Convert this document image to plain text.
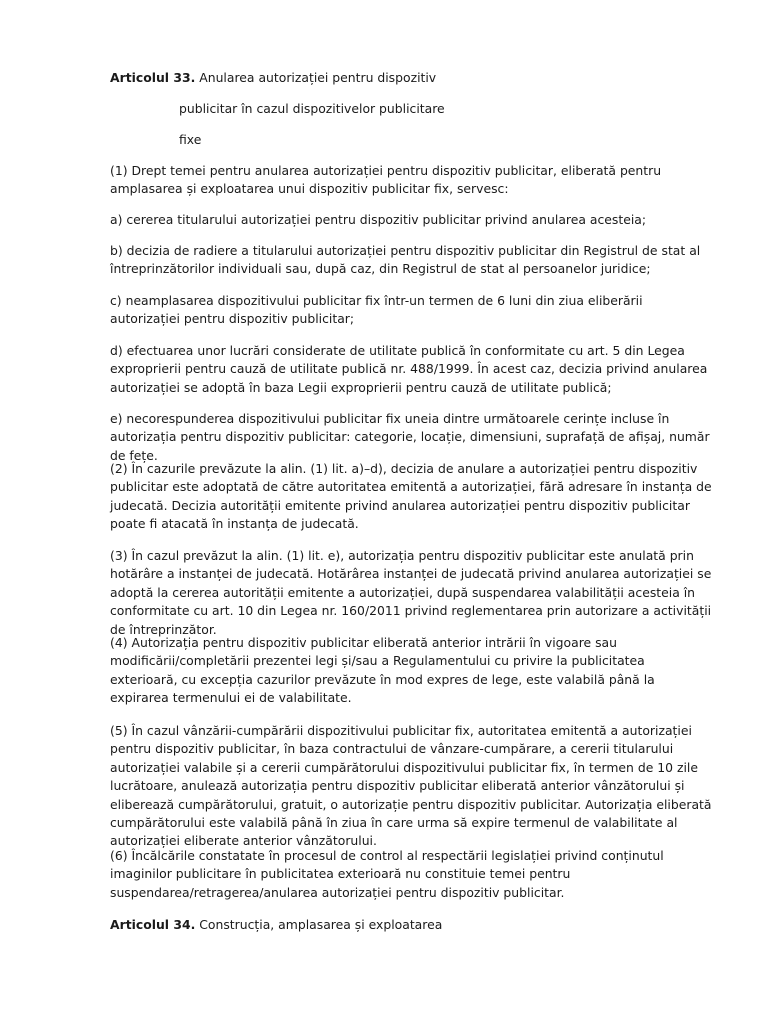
Articolul 33. Anularea autorizației pentru dispozitiv
publicitar în cazul dispozitivelor publicitare
fixe

(1) Drept temei pentru anularea autorizației pentru dispozitiv publicitar, eliberată pentru amplasarea și exploatarea unui dispozitiv publicitar fix, servesc:

a) cererea titularului autorizației pentru dispozitiv publicitar privind anularea acesteia;

b) decizia de radiere a titularului autorizației pentru dispozitiv publicitar din Registrul de stat al întreprinzătorilor individuali sau, după caz, din Registrul de stat al persoanelor juridice;

c) neamplasarea dispozitivului publicitar fix într-un termen de 6 luni din ziua eliberării autorizației pentru dispozitiv publicitar;

d) efectuarea unor lucrări considerate de utilitate publică în conformitate cu art. 5 din Legea exproprierii pentru cauză de utilitate publică nr. 488/1999. În acest caz, decizia privind anularea autorizației se adoptă în baza Legii exproprierii pentru cauză de utilitate publică;

e) necorespunderea dispozitivului publicitar fix uneia dintre următoarele cerințe incluse în autorizația pentru dispozitiv publicitar: categorie, locație, dimensiuni, suprafață de afișaj, număr de fețe.

(2) În cazurile prevăzute la alin. (1) lit. a)–d), decizia de anulare a autorizației pentru dispozitiv publicitar este adoptată de către autoritatea emitentă a autorizației, fără adresare în instanța de judecată. Decizia autorității emitente privind anularea autorizației pentru dispozitiv publicitar poate fi atacată în instanța de judecată.

(3) În cazul prevăzut la alin. (1) lit. e), autorizația pentru dispozitiv publicitar este anulată prin hotărâre a instanței de judecată. Hotărârea instanței de judecată privind anularea autorizației se adoptă la cererea autorității emitente a autorizației, după suspendarea valabilității acesteia în conformitate cu art. 10 din Legea nr. 160/2011 privind reglementarea prin autorizare a activității de întreprinzător.

(4) Autorizația pentru dispozitiv publicitar eliberată anterior intrării în vigoare sau modificării/completării prezentei legi și/sau a Regulamentului cu privire la publicitatea exterioară, cu excepția cazurilor prevăzute în mod expres de lege, este valabilă până la expirarea termenului ei de valabilitate.

(5) În cazul vânzării-cumpărării dispozitivului publicitar fix, autoritatea emitentă a autorizației pentru dispozitiv publicitar, în baza contractului de vânzare-cumpărare, a cererii titularului autorizației valabile și a cererii cumpărătorului dispozitivului publicitar fix, în termen de 10 zile lucrătoare, anulează autorizația pentru dispozitiv publicitar eliberată anterior vânzătorului și eliberează cumpărătorului, gratuit, o autorizație pentru dispozitiv publicitar. Autorizația eliberată cumpărătorului este valabilă până în ziua în care urma să expire termenul de valabilitate al autorizației eliberate anterior vânzătorului.

(6) Încălcările constatate în procesul de control al respectării legislației privind conținutul imaginilor publicitare în publicitatea exterioară nu constituie temei pentru suspendarea/retragerea/anularea autorizației pentru dispozitiv publicitar.

Articolul 34. Construcția, amplasarea și exploatarea
